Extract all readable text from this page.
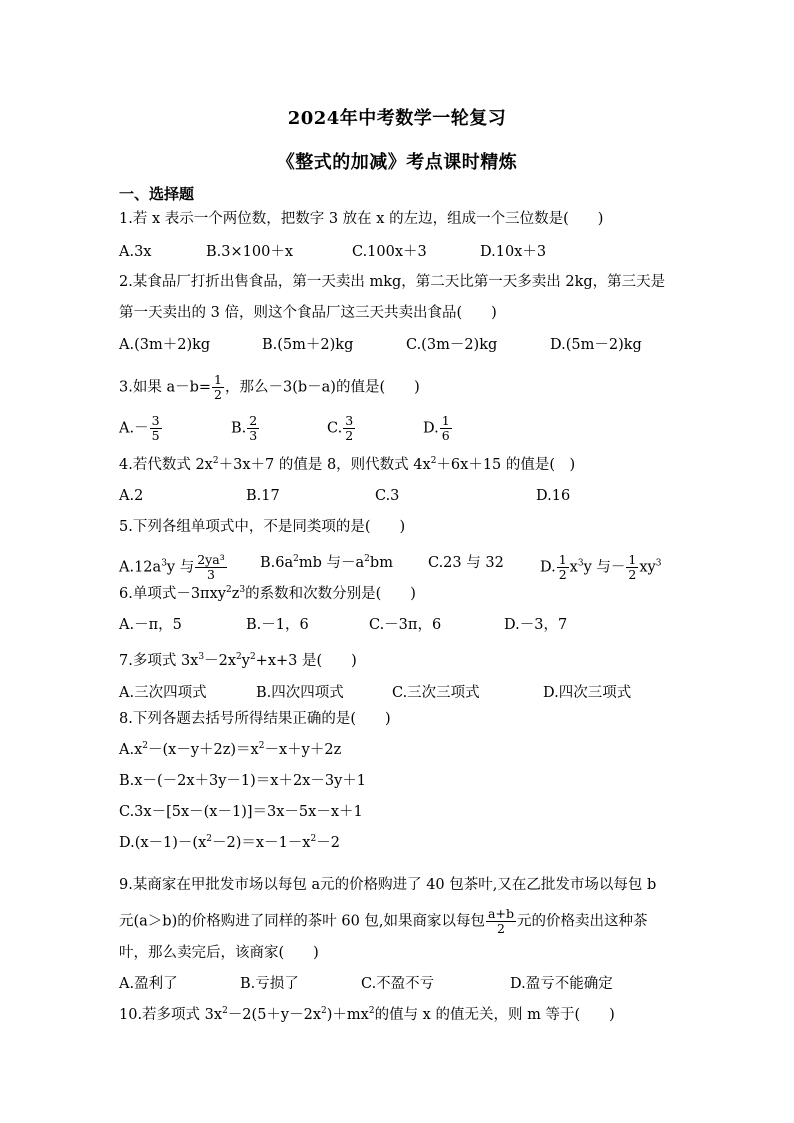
2024年中考数学一轮复习
《整式的加减》考点课时精炼
一、选择题
1.若 x 表示一个两位数，把数字 3 放在 x 的左边，组成一个三位数是(　　)
A.3x	B.3×100＋x	C.100x＋3	D.10x＋3
2.某食品厂打折出售食品，第一天卖出 mkg，第二天比第一天多卖出 2kg，第三天是
第一天卖出的 3 倍，则这个食品厂这三天共卖出食品(　　)
A.(3m＋2)kg	B.(5m＋2)kg	C.(3m－2)kg	D.(5m－2)kg
3.如果 $a-b= \frac{1}{2}$ ，那么－3(b－a)的值是(　　)
$A.- \frac{3}{5}$	B. $\frac{2}{3}$	C. $\frac{3}{2}$	D. $\frac{1}{6}$
4.若代数式 $2x^2+3x+7$ 的值是 8，则代数式 $4x^2+6x+15$ 的值是(　)
A.2	B.17	C.3	D.16
5.下列各组单项式中，不是同类项的是(　　)
$A.12a^3y$ 与 $\frac{\text{2ya³}}{3} B.6a^2mb$ 与$-a^2bm$ C.23 与 32 D. $\frac{1}{2} x^3y$ 与－ $\frac{1}{2} xy^3$
6.单项式$-3\pi xy^2z^3$的系数和次数分别是(　　)
A.－π，5	B.－1，6	C.－3π，6	D.－3，7
7.多项式 $3x^3-2x^2y^2+x+3$ 是(　　)
A.三次四项式	B.四次四项式	C.三次三项式	D.四次三项式
8.下列各题去括号所得结果正确的是(　　)
$A.x^2-(x-y+2z)=x^2-x+y+2z$
B.x－(－2x＋3y－1)＝x＋2x－3y＋1
C.3x－[5x－(x－1)]＝3x－5x－x＋1
$D.(x-1)-(x^2-2)=x-1-x^2-2$
9.某商家在甲批发市场以每包 a元的价格购进了 40 包茶叶,又在乙批发市场以每包 b
元(a＞b)的价格购进了同样的茶叶 60 包,如果商家以每包 $\frac{a+b}{2}$ 元的价格卖出这种茶
叶，那么卖完后，该商家(　　)
A.盈利了	B.亏损了	C.不盈不亏	D.盈亏不能确定
10.若多项式 $3x^2-2(5+y-2x^2)+mx^2$的值与 x 的值无关，则 m 等于(　　)
